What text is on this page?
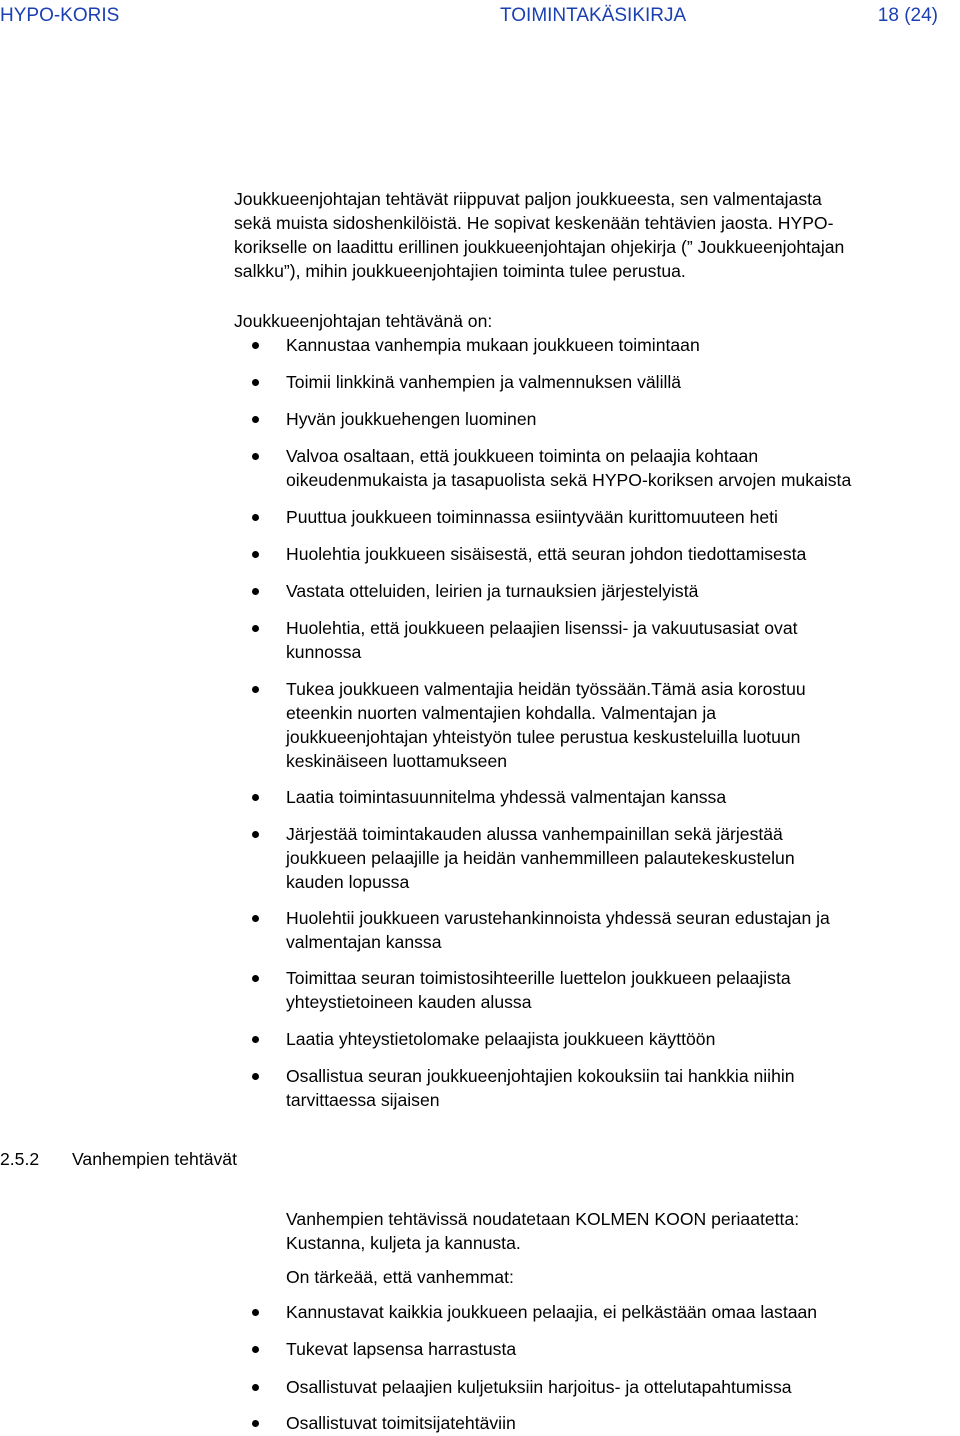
HYPO-KORIS	TOIMINTAKÄSIKIRJA	18 (24)

Joukkueenjohtajan tehtävät riippuvat paljon joukkueesta, sen valmentajasta

sekä muista sidoshenkilöistä. He sopivat keskenään tehtävien jaosta. HYPO-

korikselle on laadittu erillinen joukkueenjohtajan ohjekirja (” Joukkueenjohtajan

salkku”), mihin joukkueenjohtajien toiminta tulee perustua.

Joukkueenjohtajan tehtävänä on:

Kannustaa vanhempia mukaan joukkueen toimintaan
Toimii linkkinä vanhempien ja valmennuksen välillä
Hyvän joukkuehengen luominen
Valvoa osaltaan, että joukkueen toiminta on pelaajia kohtaan
oikeudenmukaista ja tasapuolista sekä HYPO-koriksen arvojen mukaista
Puuttua joukkueen toiminnassa esiintyvään kurittomuuteen heti
Huolehtia joukkueen sisäisestä, että seuran johdon tiedottamisesta
Vastata otteluiden, leirien ja turnauksien järjestelyistä
Huolehtia, että joukkueen pelaajien lisenssi- ja vakuutusasiat ovat
kunnossa
Tukea joukkueen valmentajia heidän työssään.Tämä asia korostuu
eteenkin nuorten valmentajien kohdalla. Valmentajan ja
joukkueenjohtajan yhteistyön tulee perustua keskusteluilla luotuun
keskinäiseen luottamukseen
Laatia toimintasuunnitelma yhdessä valmentajan kanssa
Järjestää toimintakauden alussa vanhempainillan sekä järjestää
joukkueen pelaajille ja heidän vanhemmilleen palautekeskustelun
kauden lopussa
Huolehtii joukkueen varustehankinnoista yhdessä seuran edustajan ja
valmentajan kanssa
Toimittaa seuran toimistosihteerille luettelon joukkueen pelaajista
yhteystietoineen kauden alussa
Laatia yhteystietolomake pelaajista joukkueen käyttöön
Osallistua seuran joukkueenjohtajien kokouksiin tai hankkia niihin
tarvittaessa sijaisen
2.5.2 Vanhempien tehtävät

Vanhempien tehtävissä noudatetaan KOLMEN KOON periaatetta:

Kustanna, kuljeta ja kannusta.

On tärkeää, että vanhemmat:

Kannustavat kaikkia joukkueen pelaajia, ei pelkästään omaa lastaan
Tukevat lapsensa harrastusta
Osallistuvat pelaajien kuljetuksiin harjoitus- ja ottelutapahtumissa
Osallistuvat toimitsijatehtäviin
